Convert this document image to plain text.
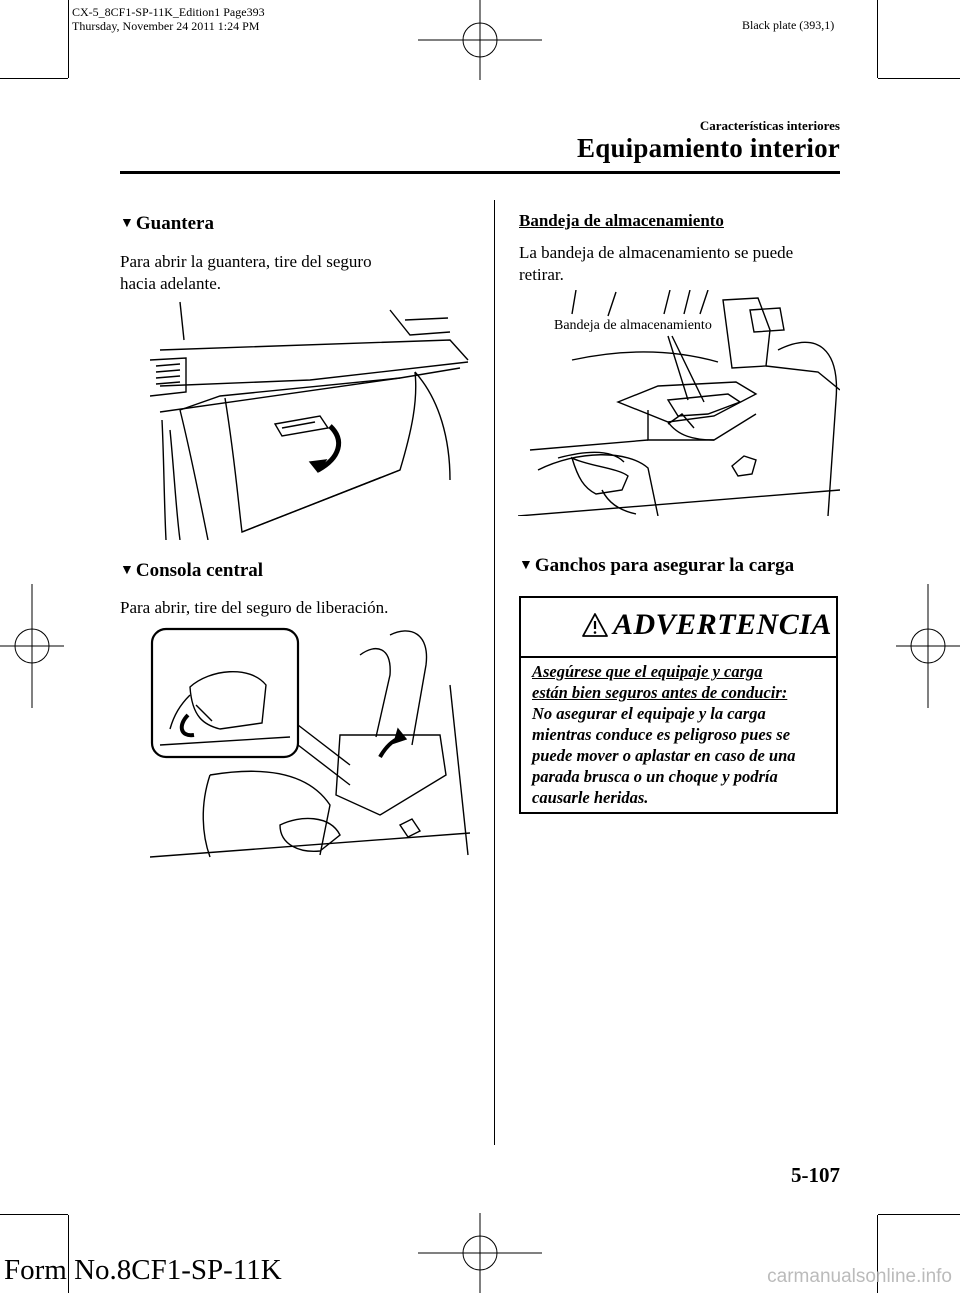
CX-5_8CF1-SP-11K_Edition1 Page393
Thursday, November 24 2011 1:24 PM	Black plate (393,1)
Características interiores
Equipamiento interior
▼ Guantera
Para abrir la guantera, tire del seguro
hacia adelante.
▼ Consola central
Para abrir, tire del seguro de liberación.
Bandeja de almacenamiento
La bandeja de almacenamiento se puede
retirar.
Bandeja de almacenamiento
▼ Ganchos para asegurar la carga
ADVERTENCIA
Asegúrese que el equipaje y carga
están bien seguros antes de conducir:
No asegurar el equipaje y la carga
mientras conduce es peligroso pues se
puede mover o aplastar en caso de una
parada brusca o un choque y podría
causarle heridas.
5-107
Form No.8CF1-SP-11K	carmanualsonline.info
